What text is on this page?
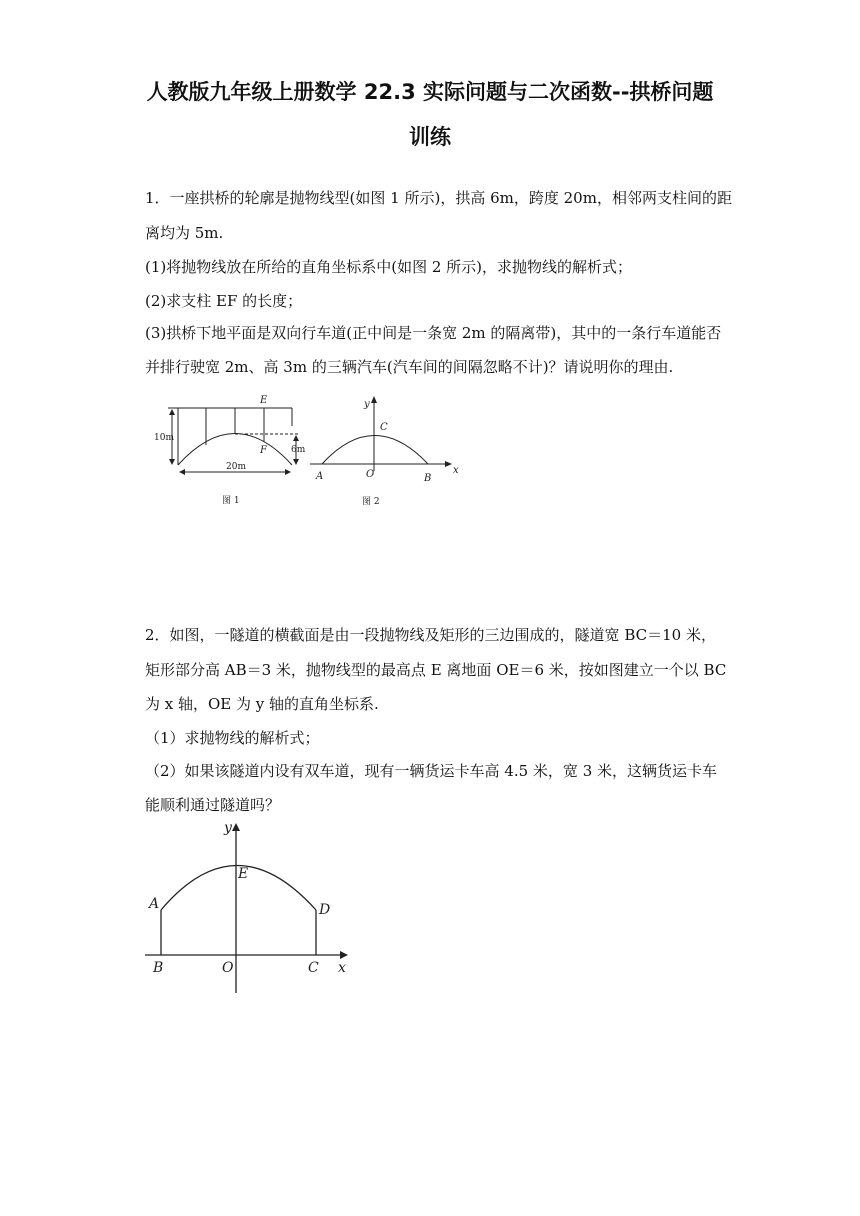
人教版九年级上册数学 22.3 实际问题与二次函数--拱桥问题
训练
1．一座拱桥的轮廓是抛物线型(如图 1 所示)，拱高 6m，跨度 20m，相邻两支柱间的距
离均为 5m.
(1)将抛物线放在所给的直角坐标系中(如图 2 所示)，求抛物线的解析式；
(2)求支柱 EF 的长度；
(3)拱桥下地平面是双向行车道(正中间是一条宽 2m 的隔离带)，其中的一条行车道能否
并排行驶宽 2m、高 3m 的三辆汽车(汽车间的间隔忽略不计)？请说明你的理由.
E
F
10m
6m
20m
图 1
y
x
C
A	O	B
图 2
2．如图，一隧道的横截面是由一段抛物线及矩形的三边围成的，隧道宽 BC＝10 米，
矩形部分高 AB＝3 米，抛物线型的最高点 E 离地面 OE＝6 米，按如图建立一个以 BC
为 x 轴，OE 为 y 轴的直角坐标系.
（1）求抛物线的解析式；
（2）如果该隧道内设有双车道，现有一辆货运卡车高 4.5 米，宽 3 米，这辆货运卡车
能顺利通过隧道吗？
y
x
E
A	D
B	O	C
